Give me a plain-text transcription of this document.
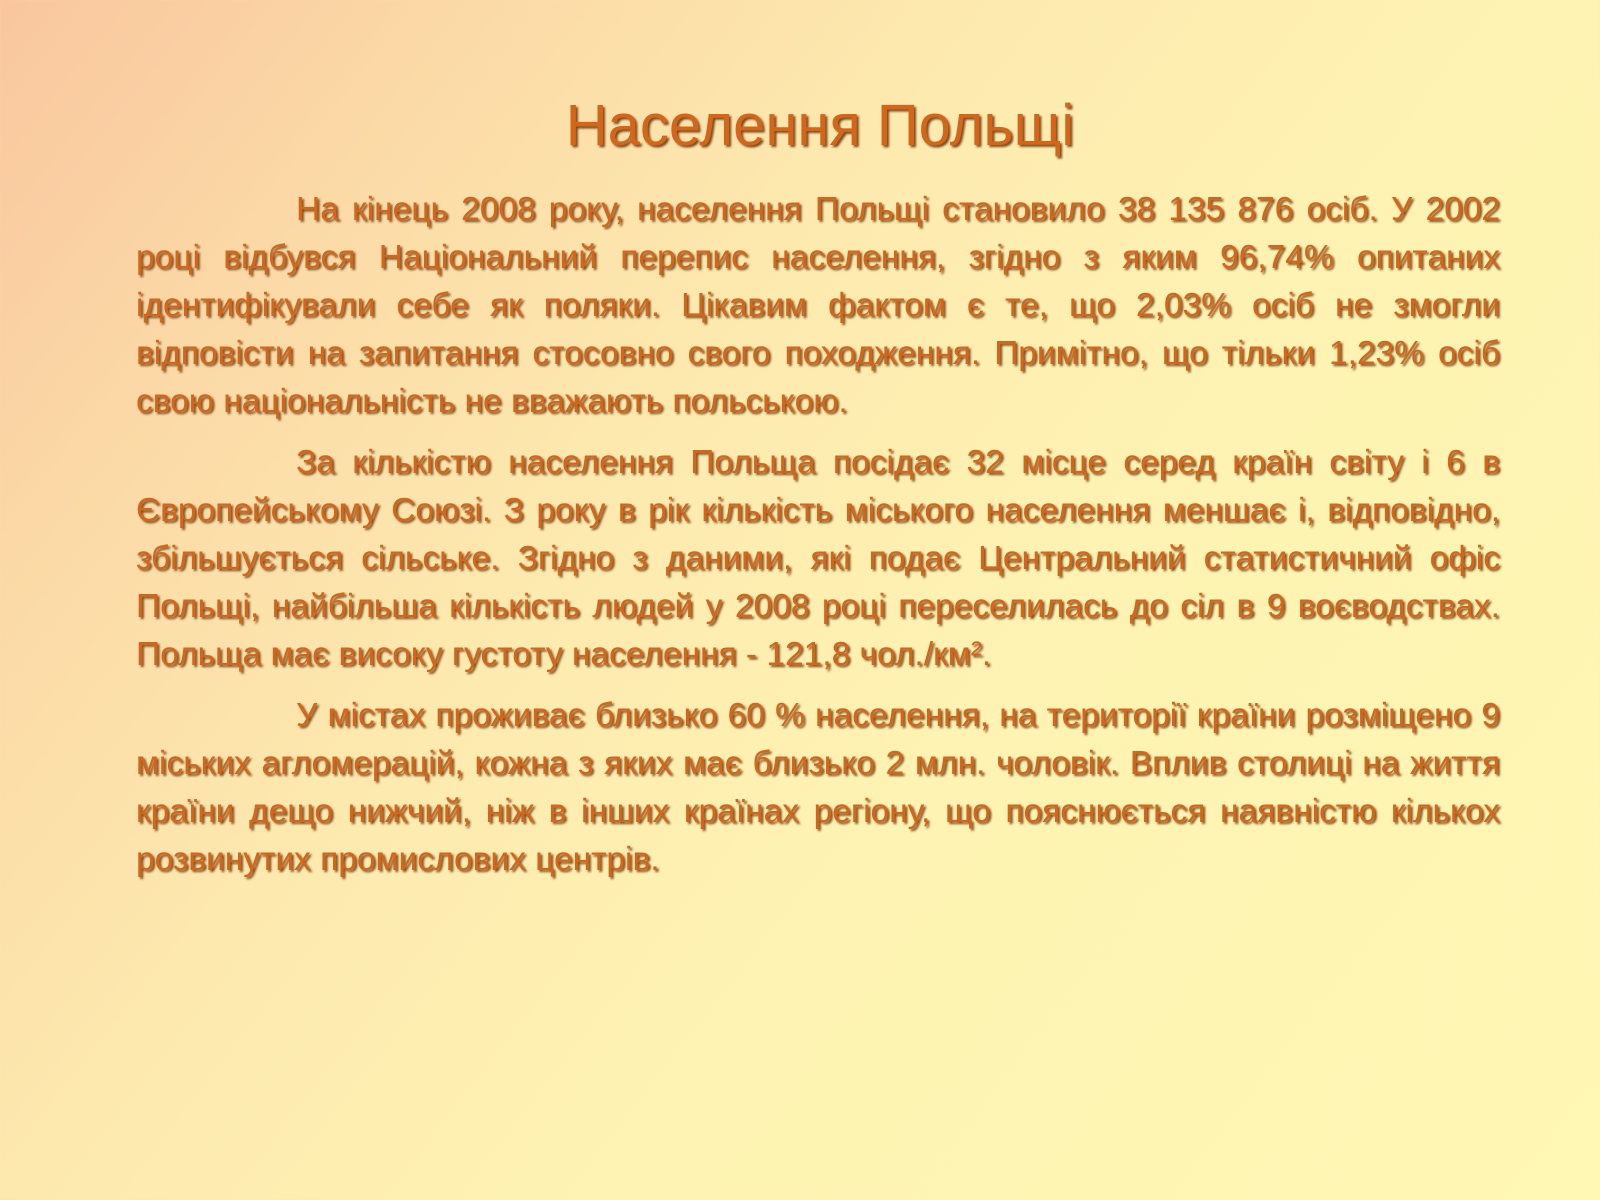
Населення Польщі

На кінець 2008 року, населення Польщі становило 38 135 876 осіб. У 2002 році відбувся Національний перепис населення, згідно з яким 96,74% опитаних ідентифікували себе як поляки. Цікавим фактом є те, що 2,03% осіб не змогли відповісти на запитання стосовно свого походження. Примітно, що тільки 1,23% осіб свою національність не вважають польською.

За кількістю населення Польща посідає 32 місце серед країн світу і 6 в Європейському Союзі. З року в рік кількість міського населення меншає і, відповідно, збільшується сільське. Згідно з даними, які подає Центральний статистичний офіс Польщі, найбільша кількість людей у 2008 році переселилась до сіл в 9 воєводствах. Польща має високу густоту населення - 121,8 чол./км².

У містах проживає близько 60 % населення, на території країни розміщено 9 міських агломерацій, кожна з яких має близько 2 млн. чоловік. Вплив столиці на життя країни дещо нижчий, ніж в інших країнах регіону, що пояснюється наявністю кількох розвинутих промислових центрів.
